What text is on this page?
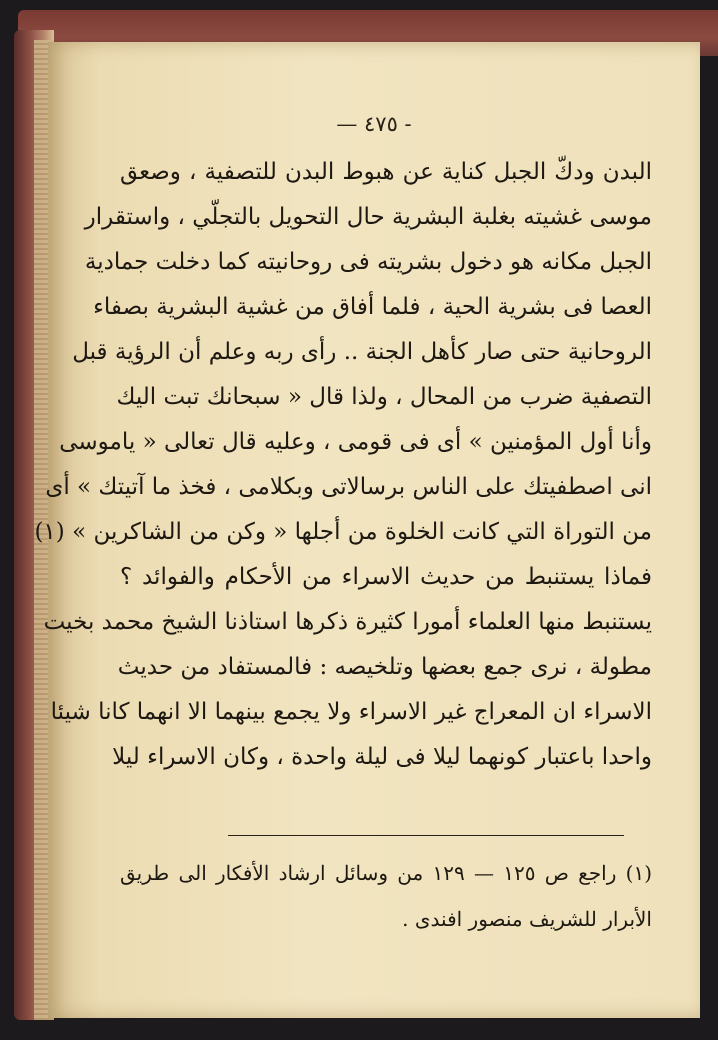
— ٤٧٥ -
البدن ودكّ الجبل كناية عن هبوط البدن للتصفية ، وصعق
موسى غشيته بغلبة البشرية حال التحويل بالتجلّي ، واستقرار
الجبل مكانه هو دخول بشريته فى روحانيته كما دخلت جمادية
العصا فى بشرية الحية ، فلما أفاق من غشية البشرية بصفاء
الروحانية حتى صار كأهل الجنة .. رأى ربه وعلم أن الرؤية قبل
التصفية ضرب من المحال ، ولذا قال « سبحانك تبت اليك
وأنا أول المؤمنين » أى فى قومى ، وعليه قال تعالى « ياموسى
انى اصطفيتك على الناس برسالاتى وبكلامى ، فخذ ما آتيتك » أى
من التوراة التي كانت الخلوة من أجلها « وكن من الشاكرين » (١)
فماذا يستنبط من حديث الاسراء من الأحكام والفوائد ؟
يستنبط منها العلماء أمورا كثيرة ذكرها استاذنا الشيخ محمد بخيت
مطولة ، نرى جمع بعضها وتلخيصه : فالمستفاد من حديث
الاسراء ان المعراج غير الاسراء ولا يجمع بينهما الا انهما كانا شيئا
واحدا باعتبار كونهما ليلا فى ليلة واحدة ، وكان الاسراء ليلا
(١) راجع ص ١٢٥ — ١٢٩ من وسائل ارشاد الأفكار الى طريق
الأبرار للشريف منصور افندى .
